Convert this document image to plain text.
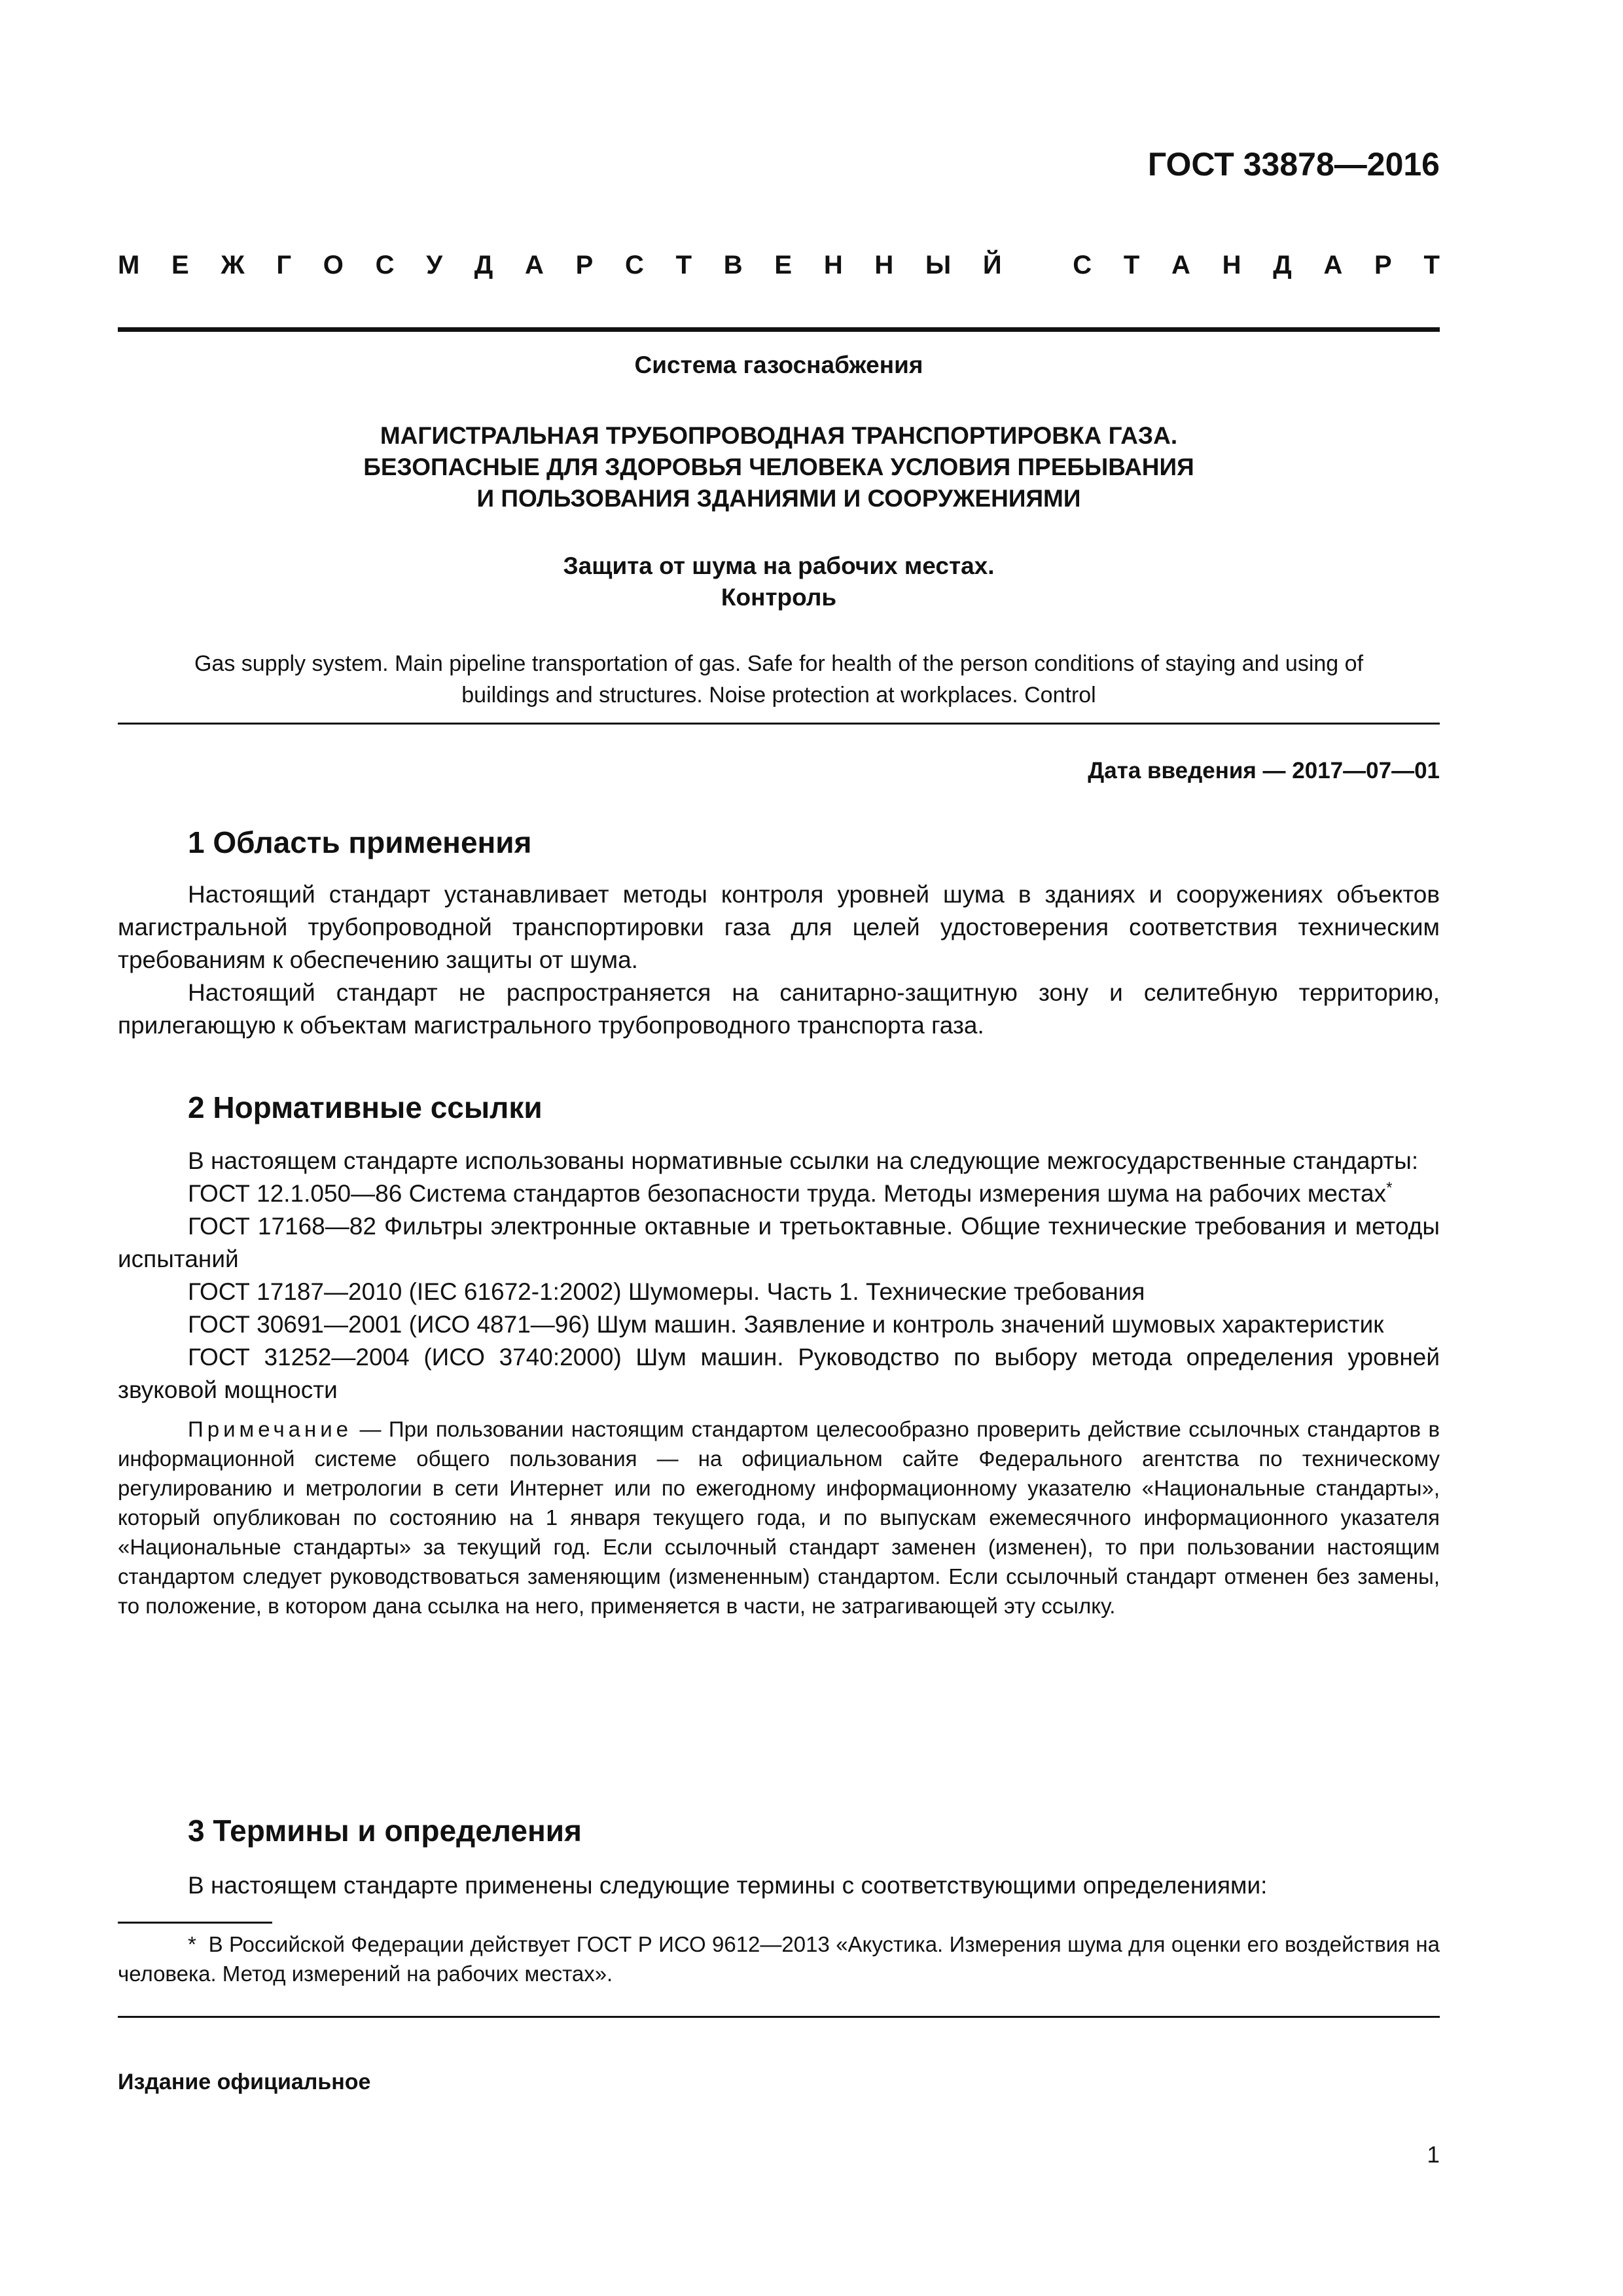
ГОСТ 33878—2016
М Е Ж Г О С У Д А Р С Т В Е Н Н Ы Й
	С Т А Н Д А Р Т
Система газоснабжения
МАГИСТРАЛЬНАЯ ТРУБОПРОВОДНАЯ ТРАНСПОРТИРОВКА ГАЗА.
БЕЗОПАСНЫЕ ДЛЯ ЗДОРОВЬЯ ЧЕЛОВЕКА УСЛОВИЯ ПРЕБЫВАНИЯ
И ПОЛЬЗОВАНИЯ ЗДАНИЯМИ И СООРУЖЕНИЯМИ
Защита от шума на рабочих местах.
Контроль
Gas supply system. Main pipeline transportation of gas. Safe for health of the person conditions of staying and using of
buildings and structures. Noise protection at workplaces. Control
Дата введения — 2017—07—01
1 Область применения

Настоящий стандарт устанавливает методы контроля уровней шума в зданиях и сооружениях объектов магистральной трубопроводной транспортировки газа для целей удостоверения соответствия техническим требованиям к обеспечению защиты от шума.

Настоящий стандарт не распространяется на санитарно-защитную зону и селитебную территорию, прилегающую к объектам магистрального трубопроводного транспорта газа.

2 Нормативные ссылки

В настоящем стандарте использованы нормативные ссылки на следующие межгосударственные стандарты:

ГОСТ 12.1.050—86 Система стандартов безопасности труда. Методы измерения шума на рабочих местах*

ГОСТ 17168—82 Фильтры электронные октавные и третьоктавные. Общие технические требования и методы испытаний

ГОСТ 17187—2010 (IEC 61672-1:2002) Шумомеры. Часть 1. Технические требования

ГОСТ 30691—2001 (ИСО 4871—96) Шум машин. Заявление и контроль значений шумовых характеристик

ГОСТ 31252—2004 (ИСО 3740:2000) Шум машин. Руководство по выбору метода определения уровней звуковой мощности

Примечание — При пользовании настоящим стандартом целесообразно проверить действие ссылочных стандартов в информационной системе общего пользования — на официальном сайте Федерального агентства по техническому регулированию и метрологии в сети Интернет или по ежегодному информационному указателю «Национальные стандарты», который опубликован по состоянию на 1 января текущего года, и по выпускам ежемесячного информационного указателя «Национальные стандарты» за текущий год. Если ссылочный стандарт заменен (изменен), то при пользовании настоящим стандартом следует руководствоваться заменяющим (измененным) стандартом. Если ссылочный стандарт отменен без замены, то положение, в котором дана ссылка на него, применяется в части, не затрагивающей эту ссылку.

3 Термины и определения

В настоящем стандарте применены следующие термины с соответствующими определениями:

* В Российской Федерации действует ГОСТ Р ИСО 9612—2013 «Акустика. Измерения шума для оценки его воздействия на человека. Метод измерений на рабочих местах».

Издание официальное
1
